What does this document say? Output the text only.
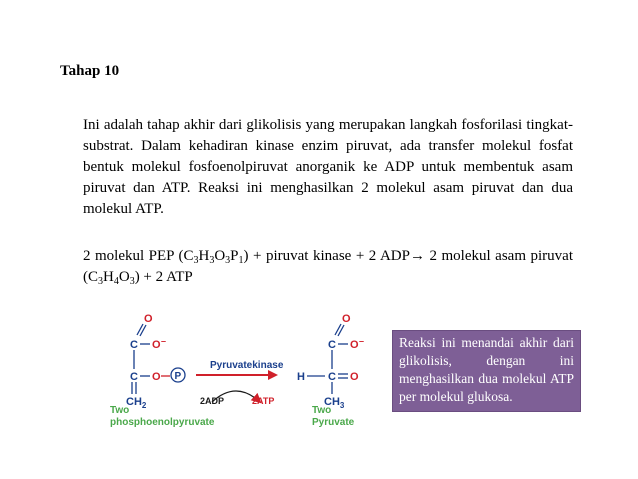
Tahap 10
Ini adalah tahap akhir dari glikolisis yang merupakan langkah fosforilasi tingkat-substrat. Dalam kehadiran kinase enzim piruvat, ada transfer molekul fosfat bentuk molekul fosfoenolpiruvat anorganik ke ADP untuk membentuk asam piruvat dan ATP. Reaksi ini menghasilkan 2 molekul asam piruvat dan dua molekul ATP.
2 molekul PEP $(C_3H_3O_3P_1)$ + piruvat kinase + 2 ADP→ 2 molekul asam piruvat $(C_3H_4O_3) + 2$ ATP
O
C O –
C O P
$CH_2$
Two
phosphoenolpyruvate
Pyruvatekinase
2ADP	2ATP
O
C O –
H C O
$CH_3$
Two
Pyruvate
Reaksi ini menandai akhir dari glikolisis, dengan ini menghasilkan dua molekul ATP per molekul glukosa.
